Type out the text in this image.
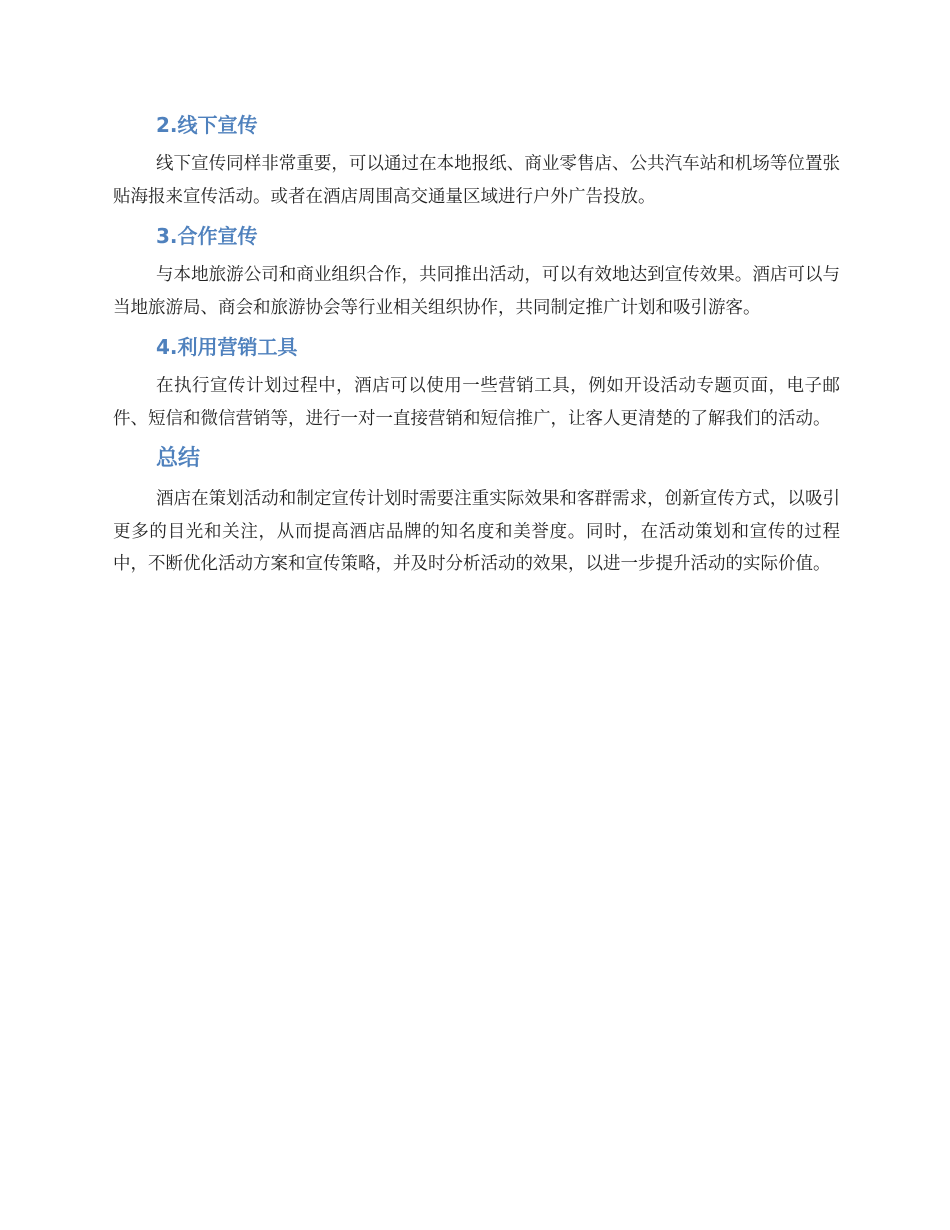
2.线下宣传

线下宣传同样非常重要，可以通过在本地报纸、商业零售店、公共汽车站和机场等位置张贴海报来宣传活动。或者在酒店周围高交通量区域进行户外广告投放。

3.合作宣传

与本地旅游公司和商业组织合作，共同推出活动，可以有效地达到宣传效果。酒店可以与当地旅游局、商会和旅游协会等行业相关组织协作，共同制定推广计划和吸引游客。

4.利用营销工具

在执行宣传计划过程中，酒店可以使用一些营销工具，例如开设活动专题页面，电子邮件、短信和微信营销等，进行一对一直接营销和短信推广，让客人更清楚的了解我们的活动。

总结

酒店在策划活动和制定宣传计划时需要注重实际效果和客群需求，创新宣传方式，以吸引更多的目光和关注，从而提高酒店品牌的知名度和美誉度。同时，在活动策划和宣传的过程中，不断优化活动方案和宣传策略，并及时分析活动的效果，以进一步提升活动的实际价值。
